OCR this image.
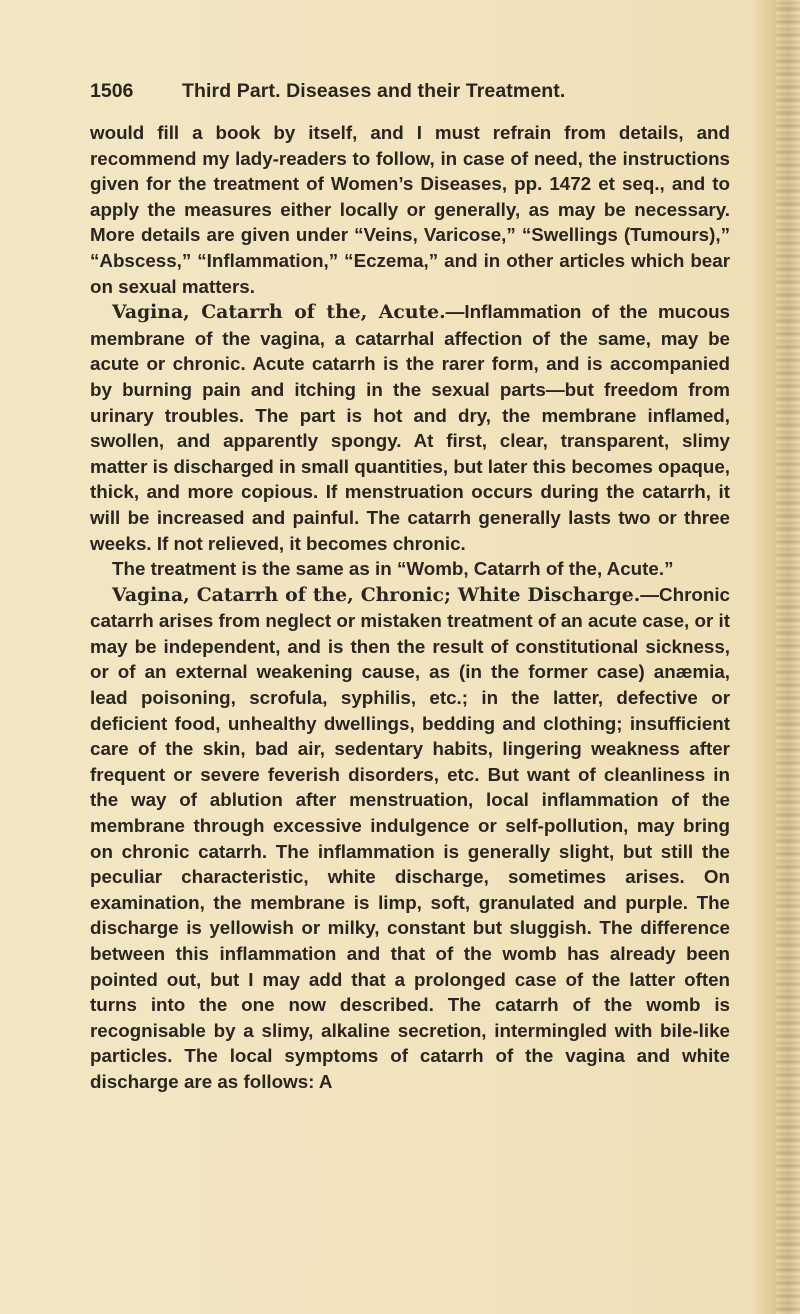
1506 Third Part. Diseases and their Treatment.

would fill a book by itself, and I must refrain from details, and recommend my lady-readers to follow, in case of need, the instructions given for the treatment of Women’s Diseases, pp. 1472 et seq., and to apply the measures either locally or generally, as may be necessary. More details are given under “Veins, Varicose,” “Swellings (Tumours),” “Abscess,” “Inflammation,” “Eczema,” and in other articles which bear on sexual matters.

Vagina, Catarrh of the, Acute.—Inflammation of the mucous membrane of the vagina, a catarrhal affection of the same, may be acute or chronic. Acute catarrh is the rarer form, and is accompanied by burning pain and itching in the sexual parts—but freedom from urinary troubles. The part is hot and dry, the membrane inflamed, swollen, and apparently spongy. At first, clear, transparent, slimy matter is discharged in small quantities, but later this becomes opaque, thick, and more copious. If menstruation occurs during the catarrh, it will be increased and painful. The catarrh generally lasts two or three weeks. If not relieved, it becomes chronic.

The treatment is the same as in “Womb, Catarrh of the, Acute.”

Vagina, Catarrh of the, Chronic; White Discharge.—Chronic catarrh arises from neglect or mistaken treatment of an acute case, or it may be independent, and is then the result of constitutional sickness, or of an external weakening cause, as (in the former case) anæmia, lead poisoning, scrofula, syphilis, etc.; in the latter, defective or deficient food, unhealthy dwellings, bedding and clothing; insufficient care of the skin, bad air, sedentary habits, lingering weakness after frequent or severe feverish disorders, etc. But want of cleanliness in the way of ablution after menstruation, local inflammation of the membrane through excessive indulgence or self-pollution, may bring on chronic catarrh. The inflammation is generally slight, but still the peculiar characteristic, white discharge, sometimes arises. On examination, the membrane is limp, soft, granulated and purple. The discharge is yellowish or milky, constant but sluggish. The difference between this inflammation and that of the womb has already been pointed out, but I may add that a prolonged case of the latter often turns into the one now described. The catarrh of the womb is recognisable by a slimy, alkaline secretion, intermingled with bile-like particles. The local symptoms of catarrh of the vagina and white discharge are as follows: A
